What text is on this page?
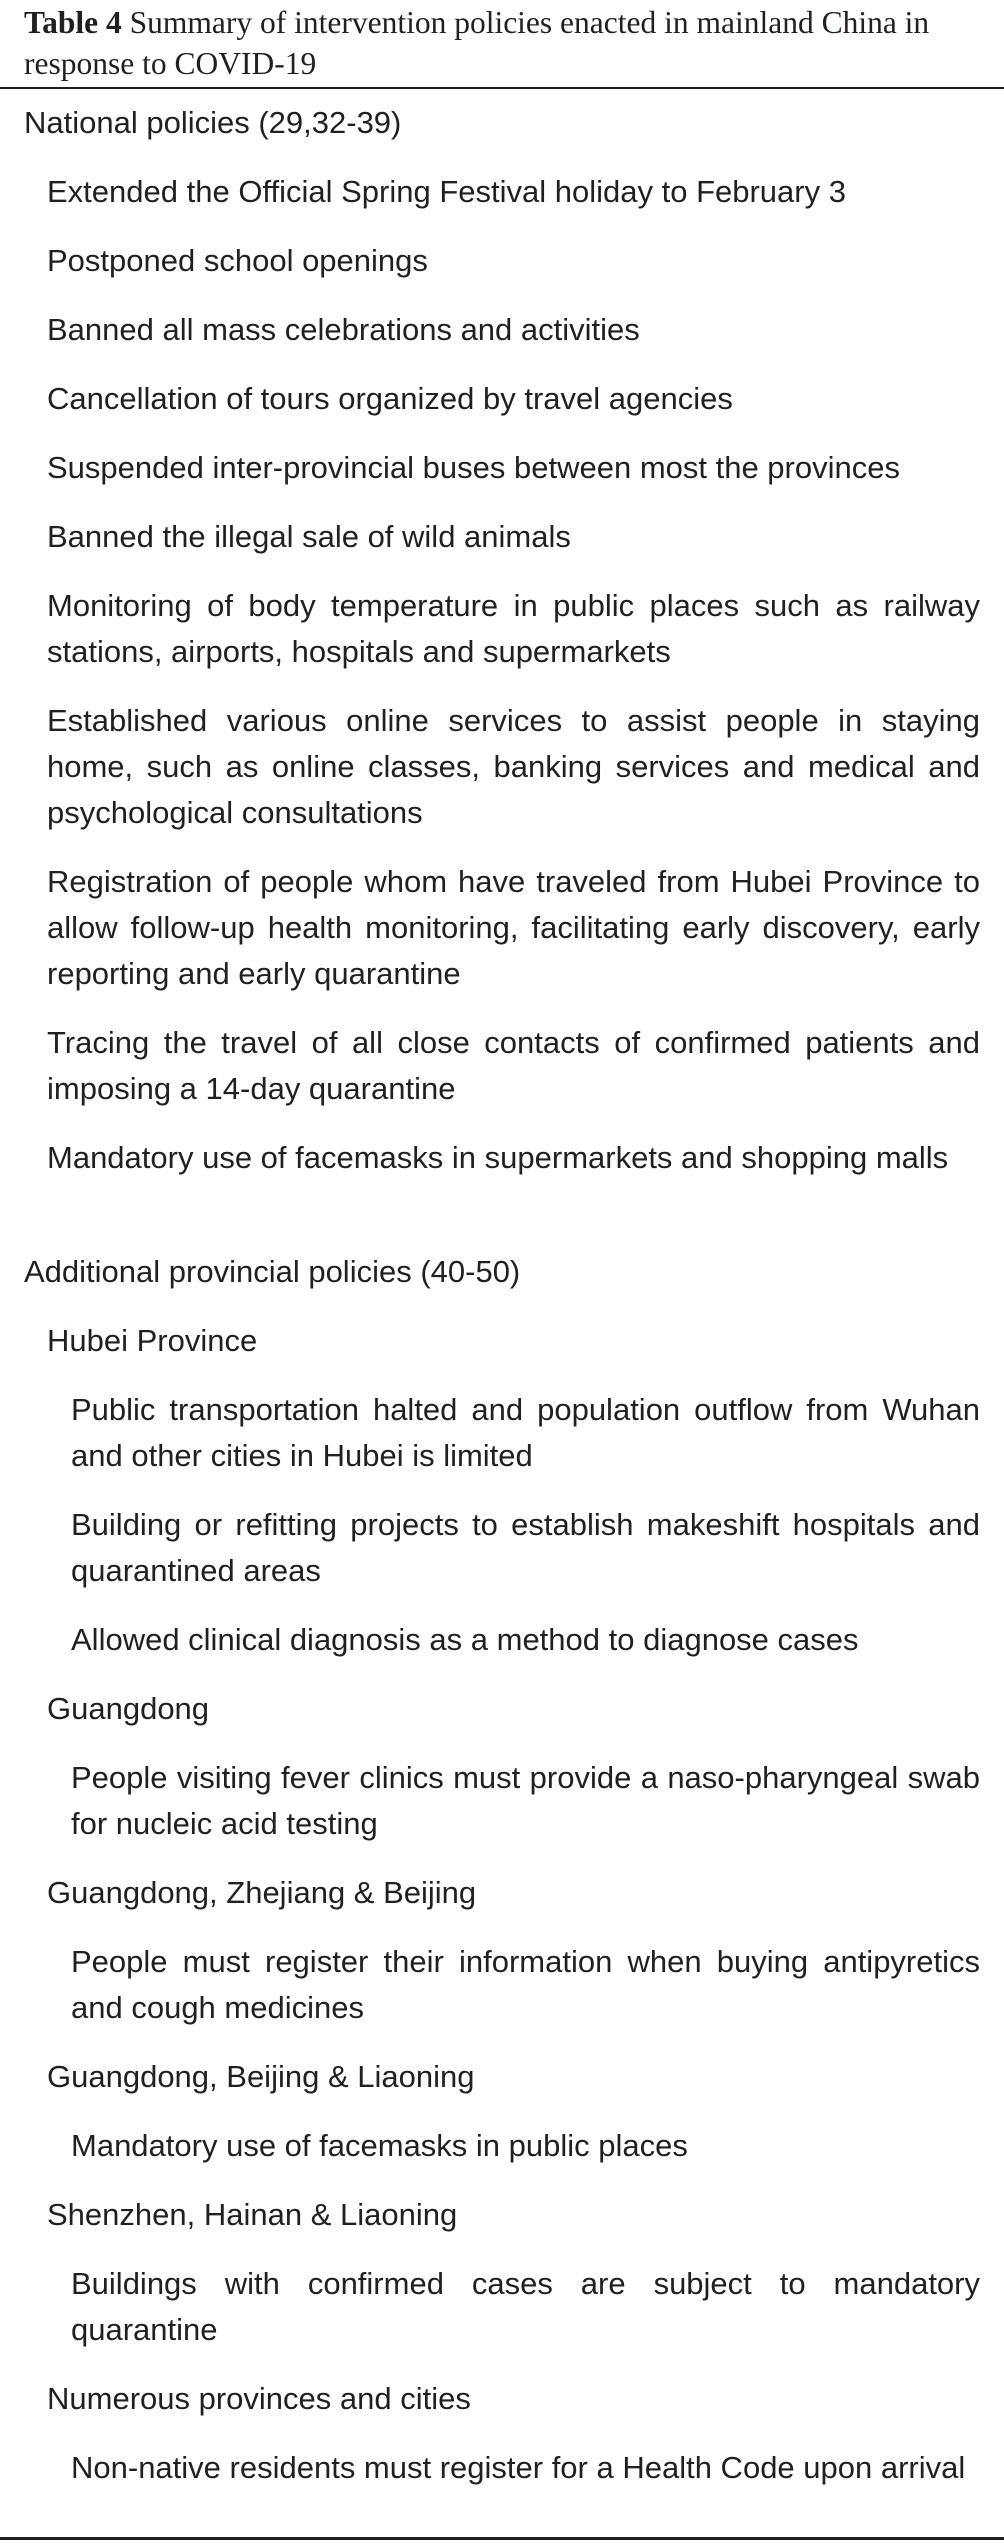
Table 4 Summary of intervention policies enacted in mainland China in response to COVID-19

National policies (29,32-39)
Extended the Official Spring Festival holiday to February 3
Postponed school openings
Banned all mass celebrations and activities
Cancellation of tours organized by travel agencies
Suspended inter-provincial buses between most the provinces
Banned the illegal sale of wild animals
Monitoring of body temperature in public places such as railway stations, airports, hospitals and supermarkets
Established various online services to assist people in staying home, such as online classes, banking services and medical and psychological consultations
Registration of people whom have traveled from Hubei Province to allow follow-up health monitoring, facilitating early discovery, early reporting and early quarantine
Tracing the travel of all close contacts of confirmed patients and imposing a 14-day quarantine
Mandatory use of facemasks in supermarkets and shopping malls
Additional provincial policies (40-50)
Hubei Province
Public transportation halted and population outflow from Wuhan and other cities in Hubei is limited
Building or refitting projects to establish makeshift hospitals and quarantined areas
Allowed clinical diagnosis as a method to diagnose cases
Guangdong
People visiting fever clinics must provide a naso-pharyngeal swab for nucleic acid testing
Guangdong, Zhejiang & Beijing
People must register their information when buying antipyretics and cough medicines
Guangdong, Beijing & Liaoning
Mandatory use of facemasks in public places
Shenzhen, Hainan & Liaoning
Buildings with confirmed cases are subject to mandatory quarantine
Numerous provinces and cities
Non-native residents must register for a Health Code upon arrival
